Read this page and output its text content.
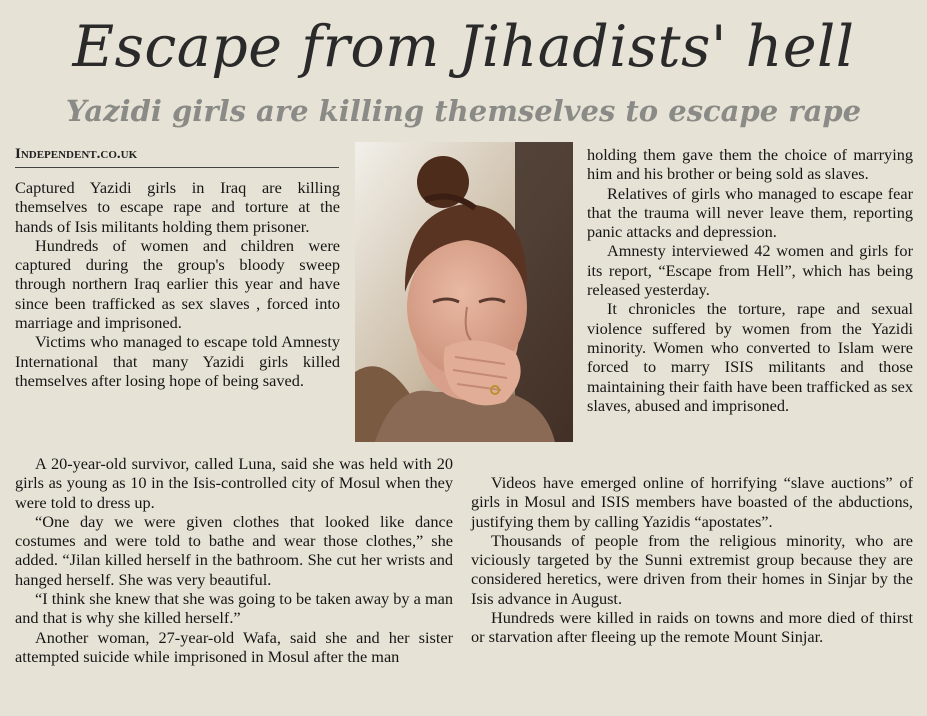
Escape from Jihadists' hell
Yazidi girls are killing themselves to escape rape
Independent.co.uk

Captured Yazidi girls in Iraq are killing themselves to escape rape and torture at the hands of Isis militants holding them prisoner.

Hundreds of women and children were captured during the group's bloody sweep through northern Iraq earlier this year and have since been trafficked as sex slaves , forced into marriage and imprisoned.

Victims who managed to escape told Amnesty International that many Yazidi girls killed themselves after losing hope of being saved.

A 20-year-old survivor, called Luna, said she was held with 20 girls as young as 10 in the Isis-controlled city of Mosul when they were told to dress up.

“One day we were given clothes that looked like dance costumes and were told to bathe and wear those clothes,” she added. “Jilan killed herself in the bathroom. She cut her wrists and hanged herself. She was very beautiful.

“I think she knew that she was going to be taken away by a man and that is why she killed herself.”

Another woman, 27-year-old Wafa, said she and her sister attempted suicide while imprisoned in Mosul after the man

holding them gave them the choice of marrying him and his brother or being sold as slaves.

Relatives of girls who managed to escape fear that the trauma will never leave them, reporting panic attacks and depression.

Amnesty interviewed 42 women and girls for its report, “Escape from Hell”, which has being released yesterday.

It chronicles the torture, rape and sexual violence suffered by women from the Yazidi minority. Women who converted to Islam were forced to marry ISIS militants and those maintaining their faith have been trafficked as sex slaves, abused and imprisoned.

Videos have emerged online of horrifying “slave auctions” of girls in Mosul and ISIS members have boasted of the abductions, justifying them by calling Yazidis “apostates”.

Thousands of people from the religious minority, who are viciously targeted by the Sunni extremist group because they are considered heretics, were driven from their homes in Sinjar by the Isis advance in August.

Hundreds were killed in raids on towns and more died of thirst or starvation after fleeing up the remote Mount Sinjar.
